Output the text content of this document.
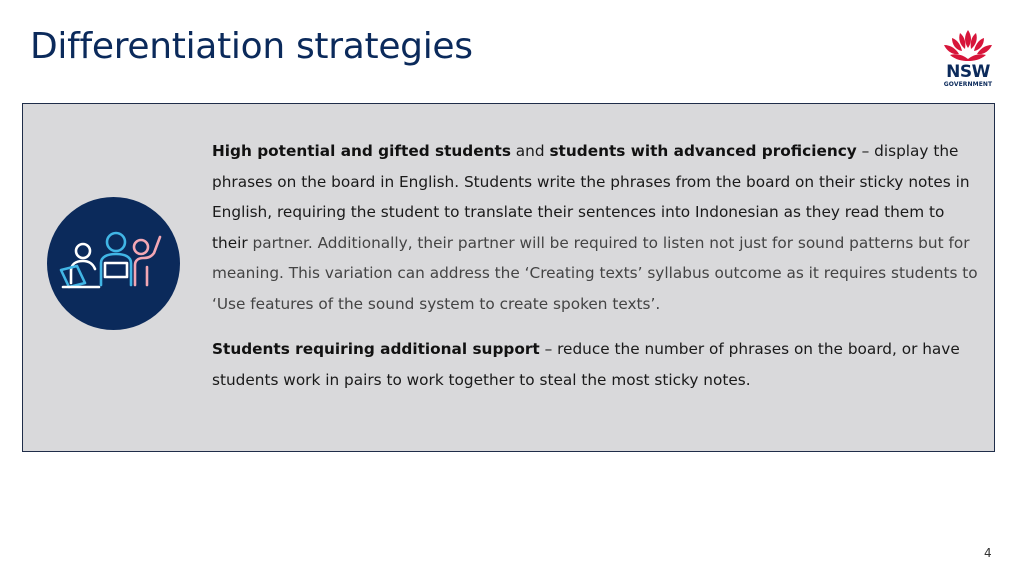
Differentiation strategies
NSW
GOVERNMENT

High potential and gifted students and students with advanced proficiency – display the phrases on the board in English. Students write the phrases from the board on their sticky notes in English, requiring the student to translate their sentences into Indonesian as they read them to their partner. Additionally, their partner will be required to listen not just for sound patterns but for meaning. This variation can address the ‘Creating texts’ syllabus outcome as it requires students to ‘Use features of the sound system to create spoken texts’.

Students requiring additional support – reduce the number of phrases on the board, or have students work in pairs to work together to steal the most sticky notes.

4
